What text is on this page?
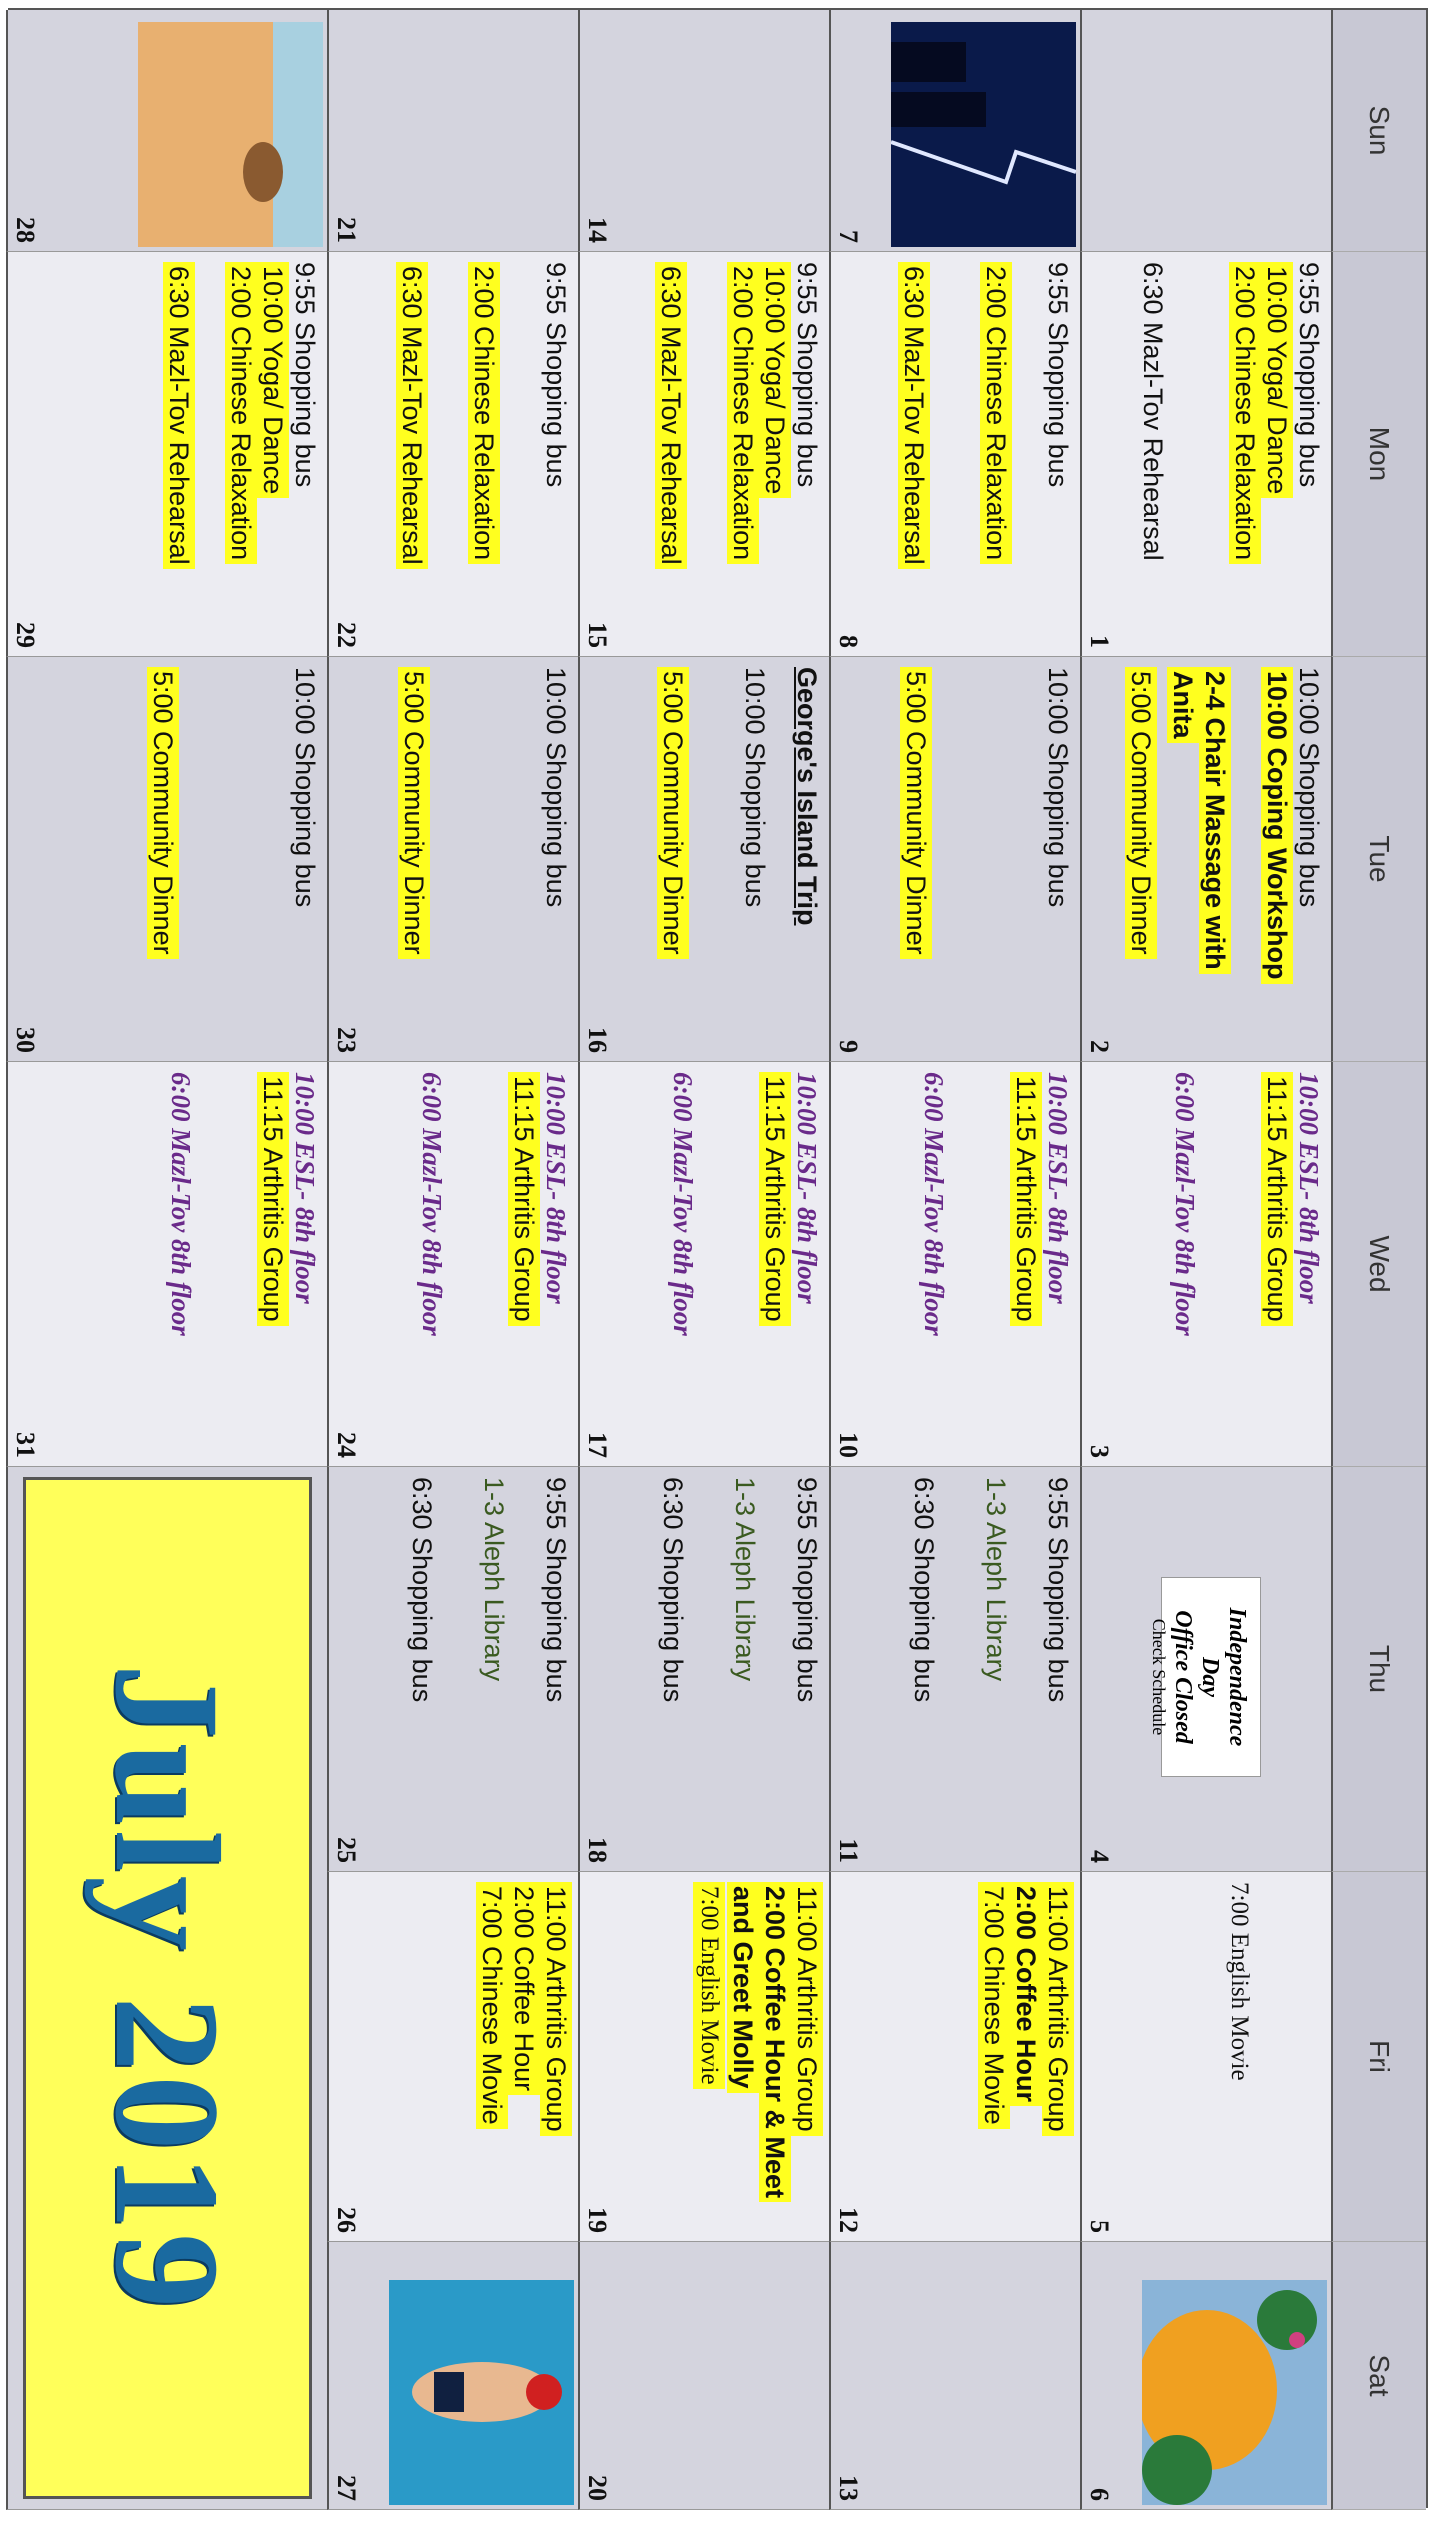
Sun
Mon
Tue
Wed
Thu
Fri
Sat
9:55 Shopping bus
10:00 Yoga/ Dance
2:00 Chinese Relaxation
6:30 Mazl-Tov Rehearsal
1
10:00 Shopping bus
10:00 Coping Workshop
2-4 Chair Massage with
Anita
5:00 Community Dinner
2
10:00 ESL- 8th floor
11:15 Arthritis Group
6:00 Mazl-Tov 8th floor
3
Independence Day
Office Closed
Check Schedule
4
7:00 English Movie
5
6
7
9:55 Shopping bus
2:00 Chinese Relaxation
6:30 Mazl-Tov Rehearsal
8
10:00 Shopping bus
5:00 Community Dinner
9
10:00 ESL- 8th floor
11:15 Arthritis Group
6:00 Mazl-Tov 8th floor
10
9:55 Shopping bus
1-3 Aleph Library
6:30 Shopping bus
11
11:00 Arthritis Group
2:00 Coffee Hour
7:00 Chinese Movie
12
13
14
9:55 Shopping bus
10:00 Yoga/ Dance
2:00 Chinese Relaxation
6:30 Mazl-Tov Rehearsal
15
George's Island Trip
10:00 Shopping bus
5:00 Community Dinner
16
10:00 ESL- 8th floor
11:15 Arthritis Group
6:00 Mazl-Tov 8th floor
17
9:55 Shopping bus
1-3 Aleph Library
6:30 Shopping bus
18
11:00 Arthritis Group
2:00 Coffee Hour & Meet
and Greet Molly
7:00 English Movie
19
20
21
9:55 Shopping bus
2:00 Chinese Relaxation
6:30 Mazl-Tov Rehearsal
22
10:00 Shopping bus
5:00 Community Dinner
23
10:00 ESL- 8th floor
11:15 Arthritis Group
6:00 Mazl-Tov 8th floor
24
9:55 Shopping bus
1-3 Aleph Library
6:30 Shopping bus
25
11:00 Arthritis Group
2:00 Coffee Hour
7:00 Chinese Movie
26
27
28
9:55 Shopping bus
10:00 Yoga/ Dance
2:00 Chinese Relaxation
6:30 Mazl-Tov Rehearsal
29
10:00 Shopping bus
5:00 Community Dinner
30
10:00 ESL- 8th floor
11:15 Arthritis Group
6:00 Mazl-Tov 8th floor
31
July 2019
